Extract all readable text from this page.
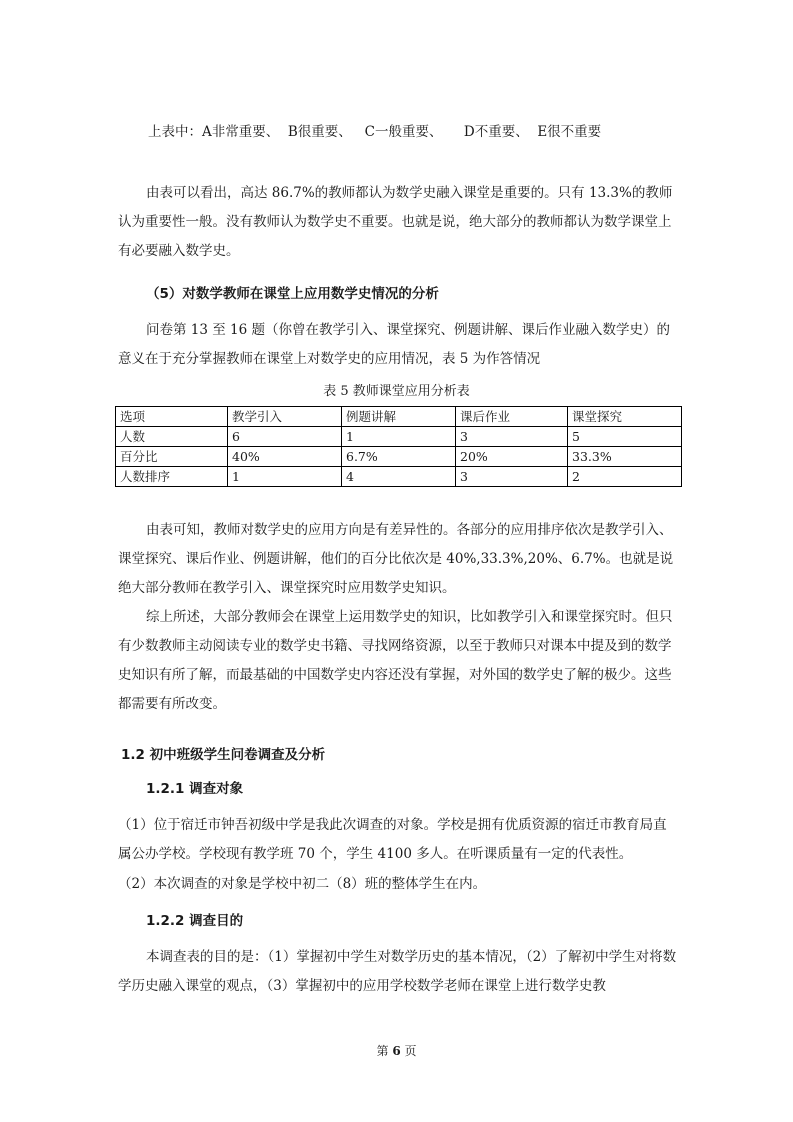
上表中：A非常重要、  B很重要、   C一般重要、     D不重要、  E很不重要

由表可以看出，高达 86.7%的教师都认为数学史融入课堂是重要的。只有 13.3%的教师认为重要性一般。没有教师认为数学史不重要。也就是说，绝大部分的教师都认为数学课堂上有必要融入数学史。

（5）对数学教师在课堂上应用数学史情况的分析

问卷第 13 至 16 题（你曾在教学引入、课堂探究、例题讲解、课后作业融入数学史）的意义在于充分掌握教师在课堂上对数学史的应用情况，表 5 为作答情况

表 5 教师课堂应用分析表
选项	教学引入	例题讲解	课后作业	课堂探究
人数	6	1	3	5
百分比	40%	6.7%	20%	33.3%
人数排序	1	4	3	2

由表可知，教师对数学史的应用方向是有差异性的。各部分的应用排序依次是教学引入、课堂探究、课后作业、例题讲解，他们的百分比依次是 40%,33.3%,20%、6.7%。也就是说绝大部分教师在教学引入、课堂探究时应用数学史知识。

综上所述，大部分教师会在课堂上运用数学史的知识，比如教学引入和课堂探究时。但只有少数教师主动阅读专业的数学史书籍、寻找网络资源，以至于教师只对课本中提及到的数学史知识有所了解，而最基础的中国数学史内容还没有掌握，对外国的数学史了解的极少。这些都需要有所改变。

1.2 初中班级学生问卷调查及分析
1.2.1 调查对象

（1）位于宿迁市钟吾初级中学是我此次调查的对象。学校是拥有优质资源的宿迁市教育局直属公办学校。学校现有教学班 70 个，学生 4100 多人。在听课质量有一定的代表性。

（2）本次调查的对象是学校中初二（8）班的整体学生在内。

1.2.2 调查目的

本调查表的目的是：（1）掌握初中学生对数学历史的基本情况，（2）了解初中学生对将数学历史融入课堂的观点，（3）掌握初中的应用学校数学老师在课堂上进行数学史教

第 6 页
